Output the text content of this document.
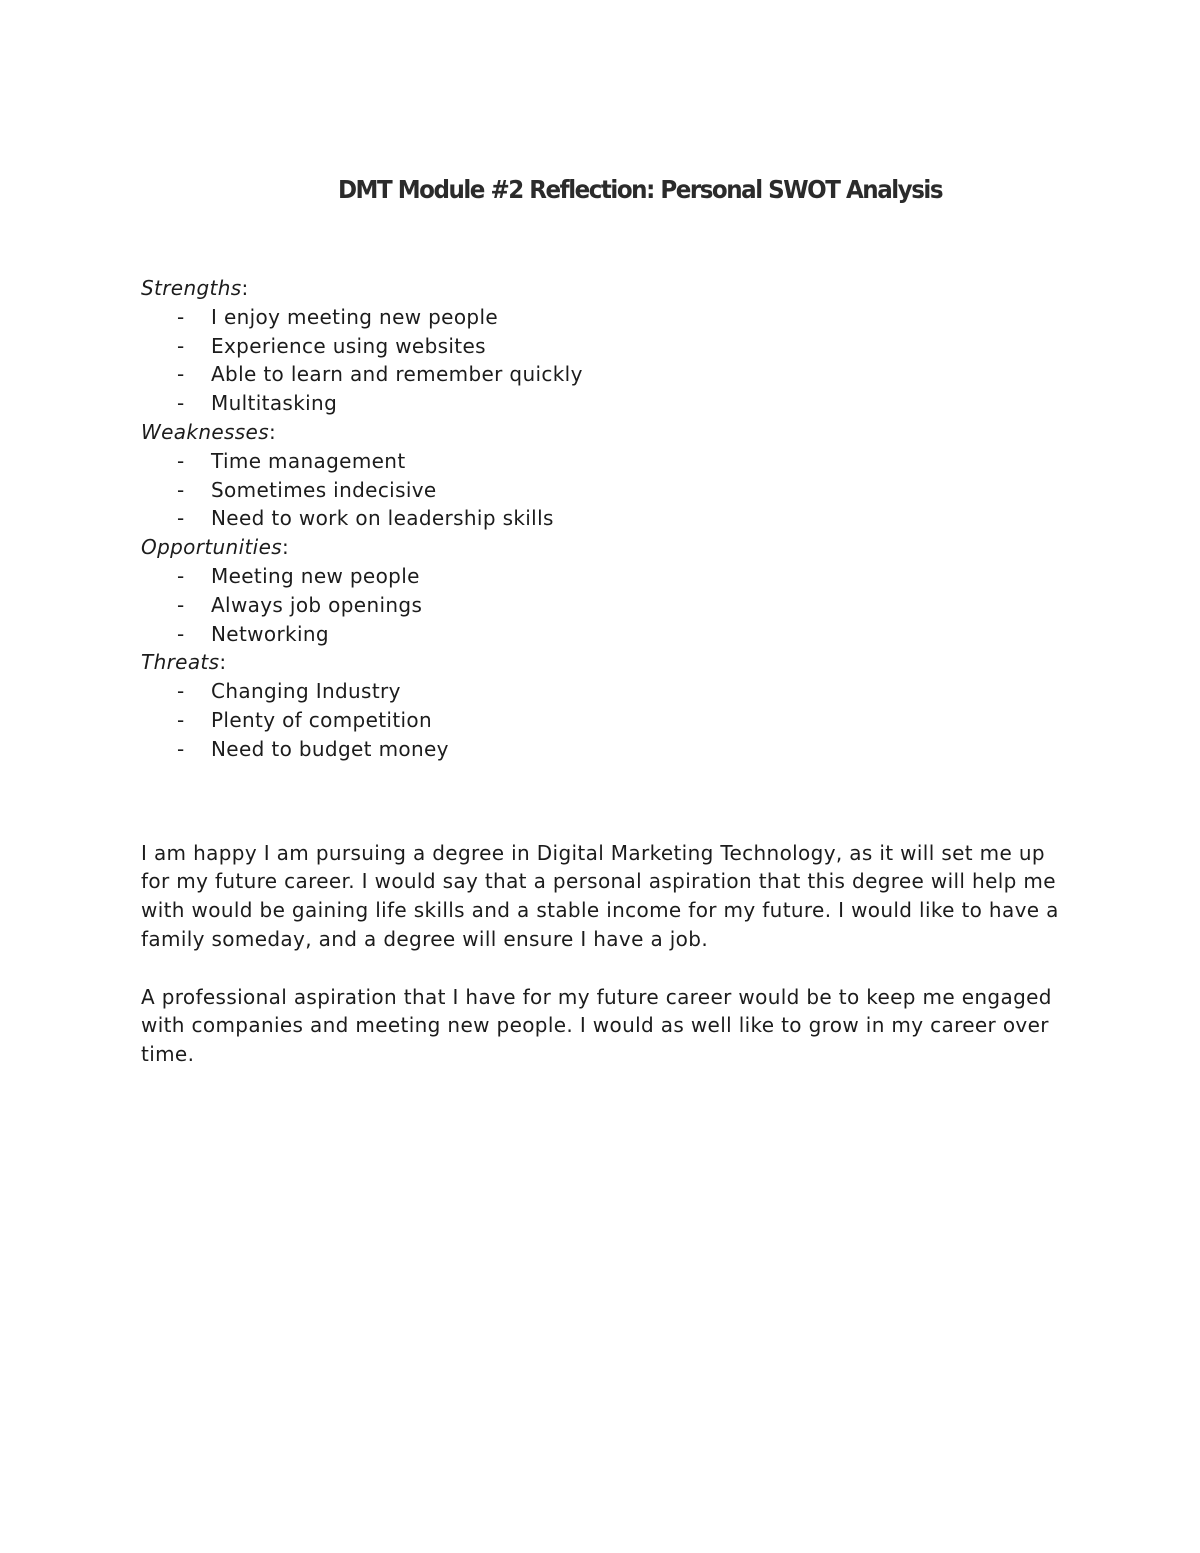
DMT Module #2 Reflection: Personal SWOT Analysis

Strengths:

- I enjoy meeting new people
- Experience using websites
- Able to learn and remember quickly
- Multitasking

Weaknesses:

- Time management
- Sometimes indecisive
- Need to work on leadership skills

Opportunities:

- Meeting new people
- Always job openings
- Networking

Threats:

- Changing Industry
- Plenty of competition
- Need to budget money

I am happy I am pursuing a degree in Digital Marketing Technology, as it will set me up for my future career. I would say that a personal aspiration that this degree will help me with would be gaining life skills and a stable income for my future. I would like to have a family someday, and a degree will ensure I have a job.

A professional aspiration that I have for my future career would be to keep me engaged with companies and meeting new people. I would as well like to grow in my career over time.
